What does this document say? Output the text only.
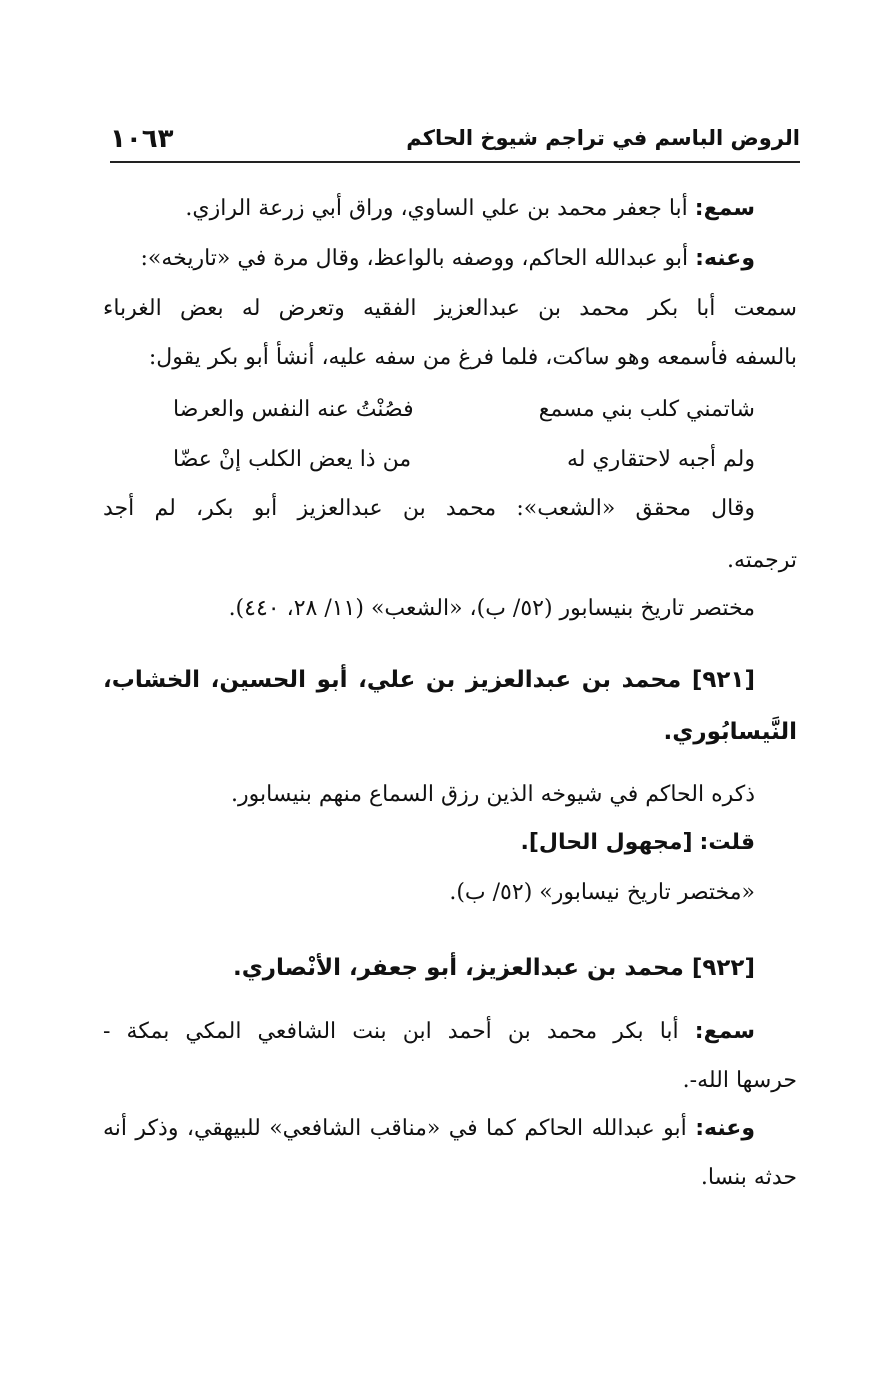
١٠٦٣	الروض الباسم في تراجم شيوخ الحاكم
سمع: أبا جعفر محمد بن علي الساوي، وراق أبي زرعة الرازي.
وعنه: أبو عبدالله الحاكم، ووصفه بالواعظ، وقال مرة في «تاريخه»:
سمعت أبا بكر محمد بن عبدالعزيز الفقيه وتعرض له بعض الغرباء
بالسفه فأسمعه وهو ساكت، فلما فرغ من سفه عليه، أنشأ أبو بكر يقول:
شاتمني كلب بني مسمع
فصُنْتُ عنه النفس والعرضا
ولم أجبه لاحتقاري له
من ذا يعض الكلب إنْ عضّا
وقال محقق «الشعب»: محمد بن عبدالعزيز أبو بكر، لم أجد
ترجمته.
مختصر تاريخ بنيسابور (٥٢/ ب)، «الشعب» (١١/ ٢٨، ٤٤٠).
[٩٢١] محمد بن عبدالعزيز بن علي، أبو الحسين، الخشاب،
النَّيسابُوري.
ذكره الحاكم في شيوخه الذين رزق السماع منهم بنيسابور.
قلت: [مجهول الحال].
«مختصر تاريخ نيسابور» (٥٢/ ب).
[٩٢٢] محمد بن عبدالعزيز، أبو جعفر، الأنْصاري.
سمع: أبا بكر محمد بن أحمد ابن بنت الشافعي المكي بمكة -
حرسها الله-.
وعنه: أبو عبدالله الحاكم كما في «مناقب الشافعي» للبيهقي، وذكر أنه
حدثه بنسا.
